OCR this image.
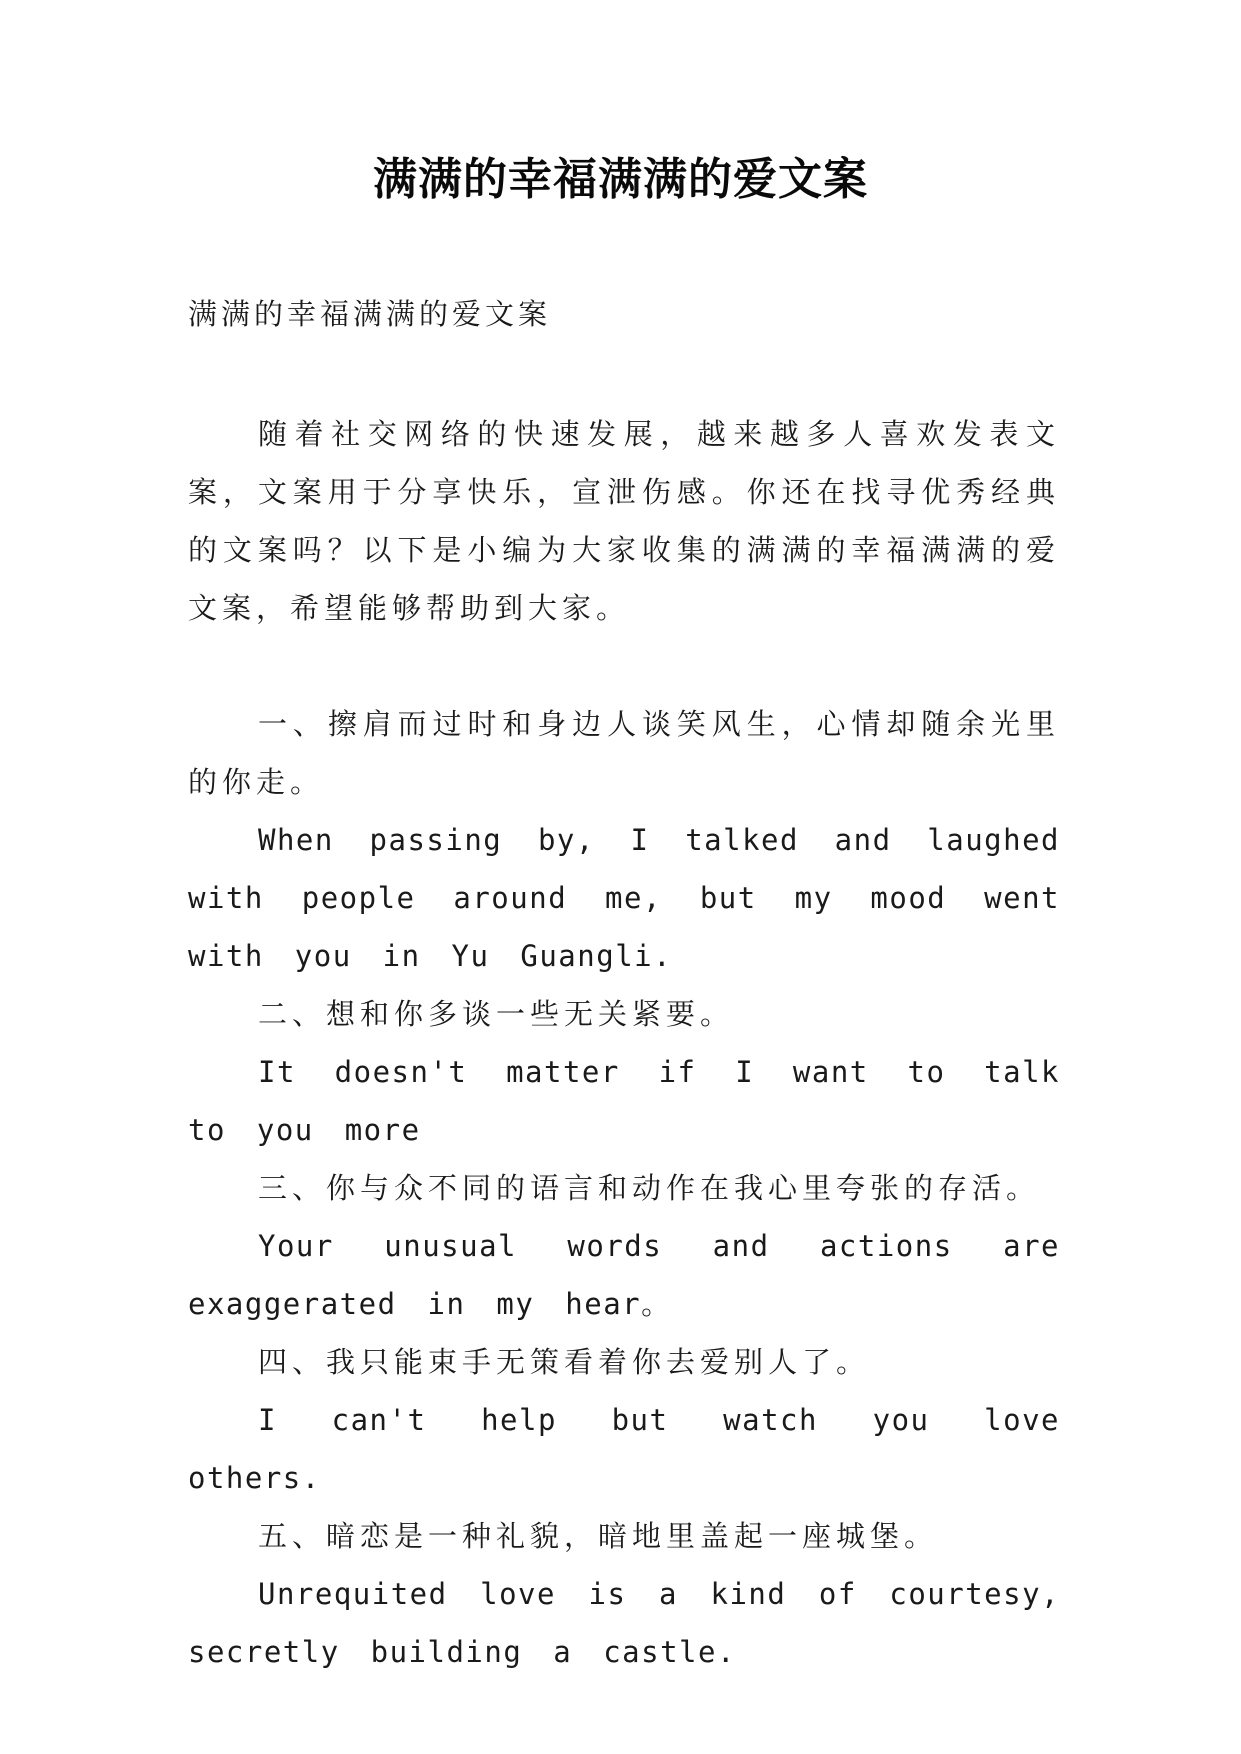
满满的幸福满满的爱文案
满满的幸福满满的爱文案
随着社交网络的快速发展，越来越多人喜欢发表文案，文案用于分享快乐，宣泄伤感。你还在找寻优秀经典的文案吗？以下是小编为大家收集的满满的幸福满满的爱文案，希望能够帮助到大家。

一、擦肩而过时和身边人谈笑风生，心情却随余光里的你走。

When passing by, I talked and laughed with people around me, but my mood went with you in Yu Guangli.

二、想和你多谈一些无关紧要。

It doesn't matter if I want to talk to you more

三、你与众不同的语言和动作在我心里夸张的存活。

Your unusual words and actions are exaggerated in my hear。

四、我只能束手无策看着你去爱别人了。

I can't help but watch you love others.

五、暗恋是一种礼貌，暗地里盖起一座城堡。

Unrequited love is a kind of courtesy, secretly building a castle.
